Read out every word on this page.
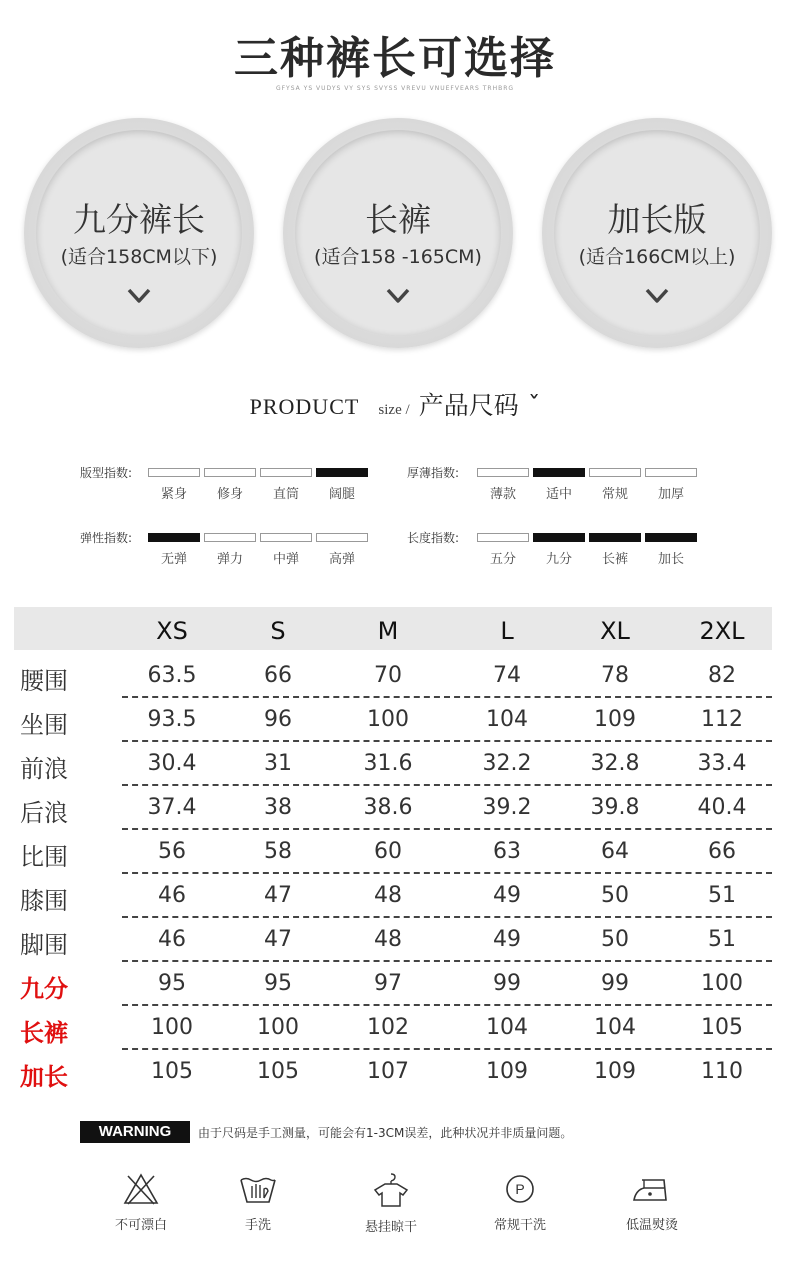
三种裤长可选择
GFYSA YS VUDYS VY SYS SVYSS VREVU VNUEFVEARS TRHBRG
九分裤长
(适合158CM以下)
长裤
(适合158 -165CM)
加长版
(适合166CM以上)
PRODUCT size / 产品尺码 ˇ
版型指数:
紧身	修身	直筒	阔腿
厚薄指数:
薄款	适中	常规	加厚
弹性指数:
无弹	弹力	中弹	高弹
长度指数:
五分	九分	长裤	加长
XS	S	M	L	XL	2XL
腰围	63.5	66	70	74	78	82
坐围	93.5	96	100	104	109	112
前浪	30.4	31	31.6	32.2	32.8	33.4
后浪	37.4	38	38.6	39.2	39.8	40.4
比围	56	58	60	63	64	66
膝围	46	47	48	49	50	51
脚围	46	47	48	49	50	51
九分	95	95	97	99	99	100
长裤	100	100	102	104	104	105
加长	105	105	107	109	109	110
WARNING	由于尺码是手工测量，可能会有1-3CM误差，此种状况并非质量问题。
不可漂白	手洗	悬挂晾干
P
常规干洗	低温熨烫
